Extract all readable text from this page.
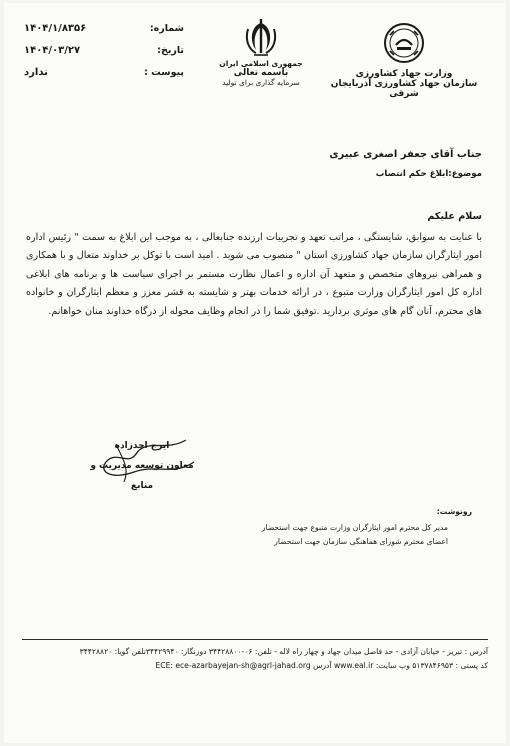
وزارت جهاد کشاورزی
سازمان جهاد کشاورزی آذربایجان شرقی
جمهوری اسلامی ایران
باسمه تعالی
سرمایه گذاری برای تولید
شماره:
۱۴۰۴/۱/۸۳۵۶
تاریخ:
۱۴۰۴/۰۳/۲۷
پیوست :
ندارد
جناب آقای جعفر اصغری عبیری
موضوع:ابلاغ حکم انتصاب
سلام علیکم
با عنایت به سوابق، شایستگی ، مراتب تعهد و تجربیات ارزنده جنابعالی ، به موجب این ابلاغ به سمت " رئیس اداره امور ایثارگران سازمان جهاد کشاورزی استان " منصوب می شوید . امید است با توکل بر خداوند متعال و با همکاری و همراهی نیروهای متخصص و متعهد آن اداره و اعمال نظارت مستمر بر اجرای سیاست ها و برنامه های ابلاغی اداره کل امور ایثارگران وزارت متبوع ، در ارائه خدمات بهتر و شایسته به قشر معزز و معظم ایثارگران و خانواده های محترم، آنان گام های موثری بردارید .توفیق شما را در انجام وظایف محوله از درگاه خداوند منان خواهانم.
ایرج احدزاده
معاون توسعه مدیریت و منابع
رونوشت:
مدیر کل محترم امور ایثارگران وزارت متبوع جهت استحضار
اعضای محترم شورای هماهنگی سازمان جهت استحضار
آدرس : تبریز - خیابان آزادی - حد فاصل میدان جهاد و چهار راه لاله - تلفن: ۰۶-۳۴۴۲۸۸۰۰ دورنگار: ۳۴۴۲۹۹۴۰تلفن گویا: ۳۴۴۲۸۸۲۰
کد پستی : ۵۱۳۷۸۴۶۹۵۳ وب سایت: www.eal.ir آدرس ECE: ece-azarbayejan-sh@agrl-jahad.org
